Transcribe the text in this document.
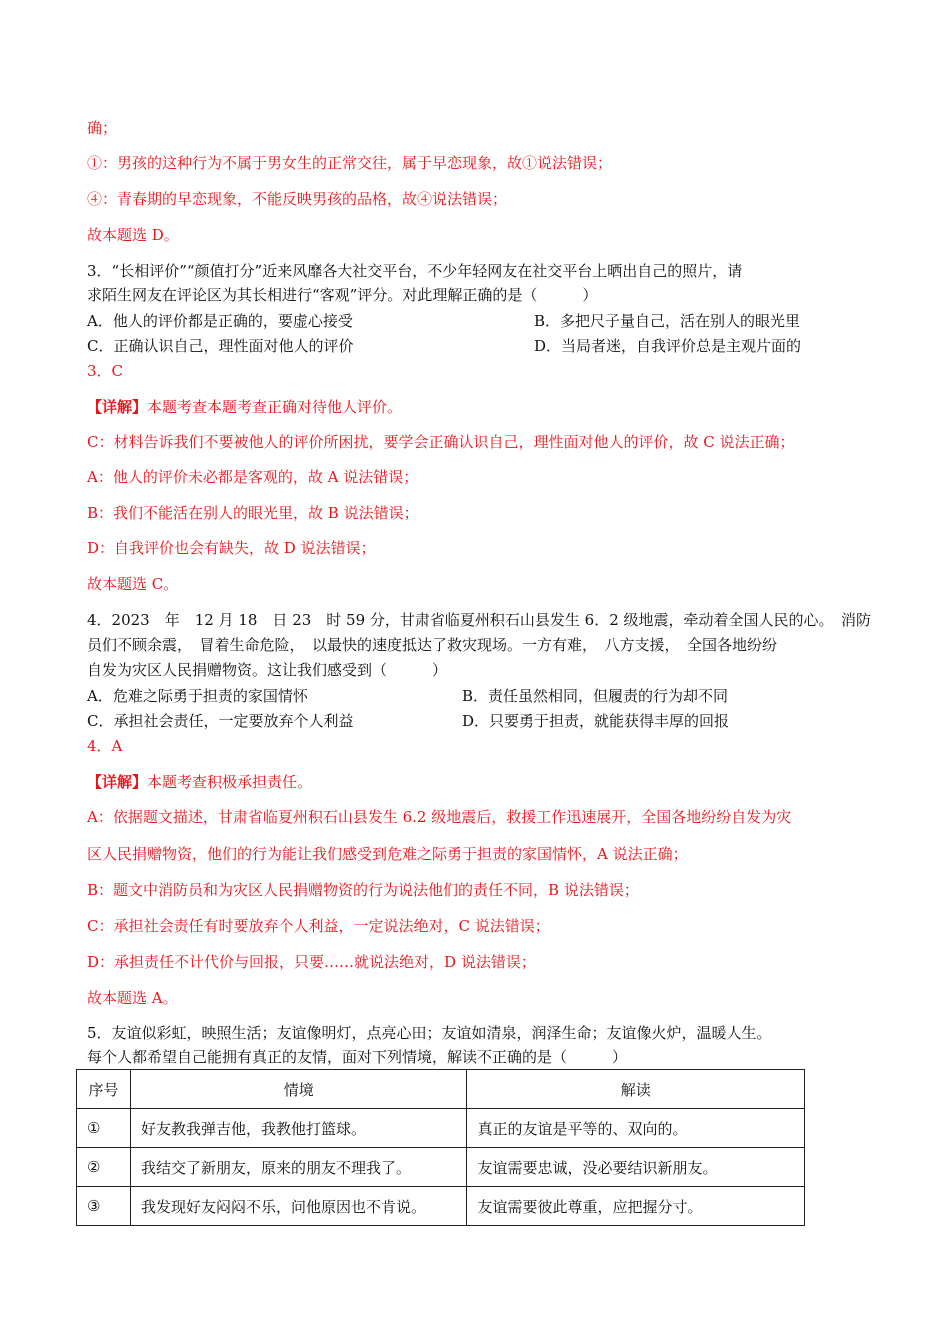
确；
①：男孩的这种行为不属于男女生的正常交往，属于早恋现象，故①说法错误；
④：青春期的早恋现象，不能反映男孩的品格，故④说法错误；
故本题选 D。
3．“长相评价”“颜值打分”近来风靡各大社交平台，不少年轻网友在社交平台上晒出自己的照片，请
求陌生网友在评论区为其长相进行“客观”评分。对此理解正确的是（　　　）
A．他人的评价都是正确的，要虚心接受	B．多把尺子量自己，活在别人的眼光里
C．正确认识自己，理性面对他人的评价	D．当局者迷，自我评价总是主观片面的
3．C
【详解】本题考查本题考查正确对待他人评价。
C：材料告诉我们不要被他人的评价所困扰，要学会正确认识自己，理性面对他人的评价，故 C 说法正确；
A：他人的评价未必都是客观的，故 A 说法错误；
B：我们不能活在别人的眼光里，故 B 说法错误；
D：自我评价也会有缺失，故 D 说法错误；
故本题选 C。
4．2023　年　12 月 18　日 23　时 59 分，甘肃省临夏州积石山县发生 6．2 级地震，牵动着全国人民的心。　消防
员们不顾余震，　冒着生命危险，　以最快的速度抵达了救灾现场。一方有难，　八方支援，　全国各地纷纷
自发为灾区人民捐赠物资。这让我们感受到（　　　）
A．危难之际勇于担责的家国情怀	B．责任虽然相同，但履责的行为却不同
C．承担社会责任，一定要放弃个人利益	D．只要勇于担责，就能获得丰厚的回报
4．A
【详解】本题考查积极承担责任。
A：依据题文描述，甘肃省临夏州积石山县发生 6.2 级地震后，救援工作迅速展开，全国各地纷纷自发为灾
区人民捐赠物资，他们的行为能让我们感受到危难之际勇于担责的家国情怀，A 说法正确；
B：题文中消防员和为灾区人民捐赠物资的行为说法他们的责任不同，B 说法错误；
C：承担社会责任有时要放弃个人利益，一定说法绝对，C 说法错误；
D：承担责任不计代价与回报，只要……就说法绝对，D 说法错误；
故本题选 A。
5．友谊似彩虹，映照生活；友谊像明灯，点亮心田；友谊如清泉，润泽生命；友谊像火炉，温暖人生。
每个人都希望自己能拥有真正的友情，面对下列情境，解读不正确的是（　　　）
序号	情境	解读
①	好友教我弹吉他，我教他打篮球。	真正的友谊是平等的、双向的。
②	我结交了新朋友，原来的朋友不理我了。	友谊需要忠诚，没必要结识新朋友。
③	我发现好友闷闷不乐，问他原因也不肯说。	友谊需要彼此尊重，应把握分寸。
